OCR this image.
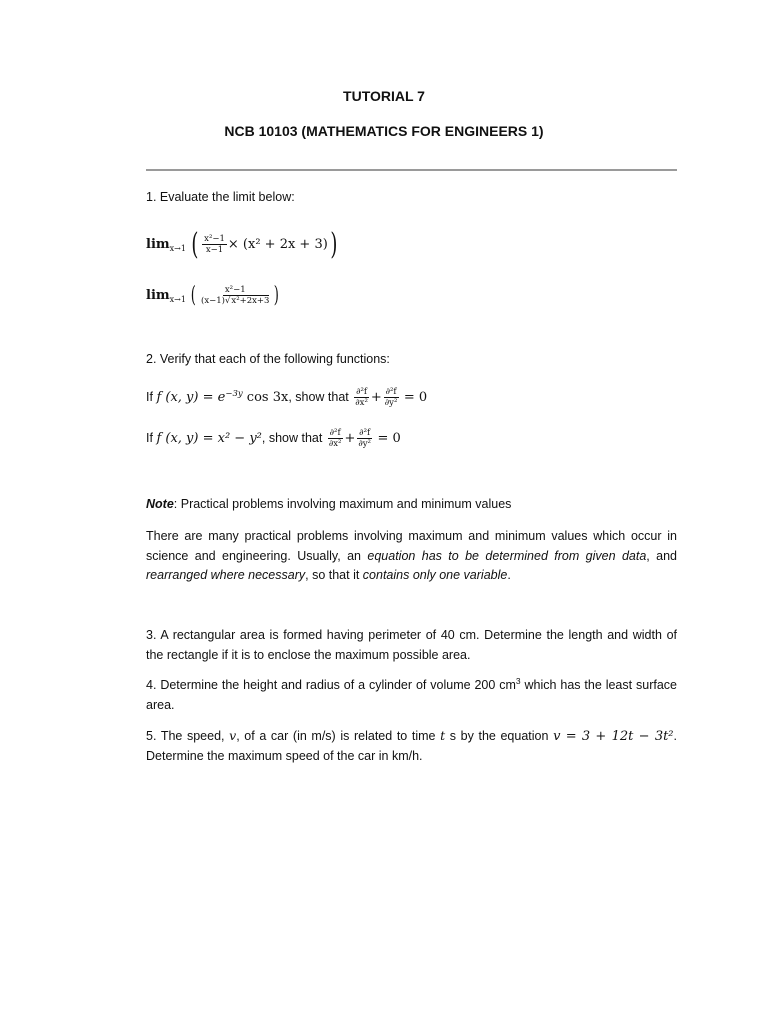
TUTORIAL 7
NCB 10103 (MATHEMATICS FOR ENGINEERS 1)
1. Evaluate the limit below:
$\lim_{x\to 1}$ ( $\frac{\text{x²−1}}{x-1} \times (x^2 + 2x + 3)$)
$\lim_{x\to 1}$ ( $\frac{\text{x²−1}}{\text{(x−1)√x²+2x+3}}$ )
2. Verify that each of the following functions:
If f (x, $y) = e^{-3y}$ cos 3x, show that $\frac{\text{∂²f}}{\text{∂x²}} + \frac{\text{∂²f}}{\text{∂y²}} = 0$
If f (x, y) = x² − y², show that $\frac{\text{∂²f}}{\text{∂x²}} + \frac{\text{∂²f}}{\text{∂y²}} = 0$
Note: Practical problems involving maximum and minimum values
There are many practical problems involving maximum and minimum values which occur in science and engineering. Usually, an equation has to be determined from given data, and rearranged where necessary, so that it contains only one variable.
3. A rectangular area is formed having perimeter of 40 cm. Determine the length and width of the rectangle if it is to enclose the maximum possible area.
4. Determine the height and radius of a cylinder of volume 200 $cm^3$ which has the least surface area.
5. The speed, v, of a car (in m/s) is related to time t s by the equation v = 3 + 12t − 3t². Determine the maximum speed of the car in km/h.
